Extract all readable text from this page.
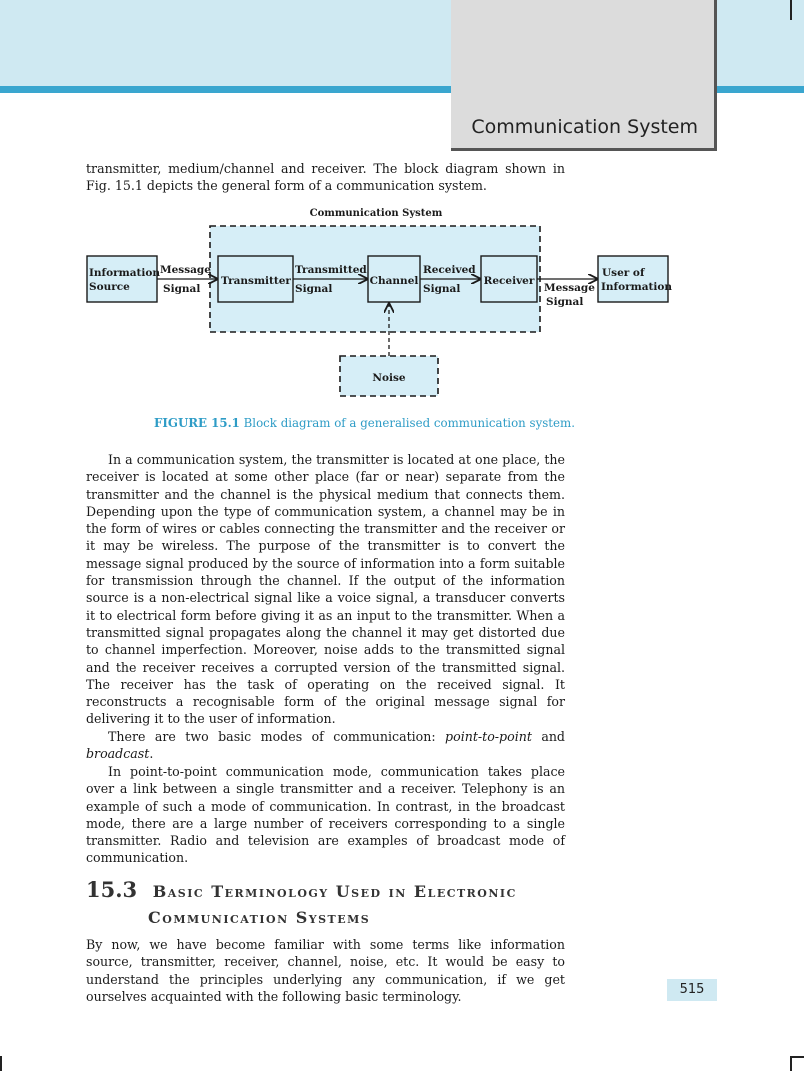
Communication System

transmitter, medium/channel and receiver. The block diagram shown in Fig. 15.1 depicts the general form of a communication system.

Communication System
Information
Source
Message
Signal
Transmitter
Transmitted
Signal
Channel
Received
Signal
Receiver
Message
Signal
User of
Information
Noise
FIGURE 15.1 Block diagram of a generalised communication system.

In a communication system, the transmitter is located at one place, the receiver is located at some other place (far or near) separate from the transmitter and the channel is the physical medium that connects them. Depending upon the type of communication system, a channel may be in the form of wires or cables connecting the transmitter and the receiver or it may be wireless. The purpose of the transmitter is to convert the message signal produced by the source of information into a form suitable for transmission through the channel. If the output of the information source is a non-electrical signal like a voice signal, a transducer converts it to electrical form before giving it as an input to the transmitter. When a transmitted signal propagates along the channel it may get distorted due to channel imperfection. Moreover, noise adds to the transmitted signal and the receiver receives a corrupted version of the transmitted signal. The receiver has the task of operating on the received signal. It reconstructs a recognisable form of the original message signal for delivering it to the user of information.

There are two basic modes of communication: point-to-point and broadcast.

In point-to-point communication mode, communication takes place over a link between a single transmitter and a receiver. Telephony is an example of such a mode of communication. In contrast, in the broadcast mode, there are a large number of receivers corresponding to a single transmitter. Radio and television are examples of broadcast mode of communication.

15.3 Basic Terminology Used in Electronic
Communication Systems

By now, we have become familiar with some terms like information source, transmitter, receiver, channel, noise, etc. It would be easy to understand the principles underlying any communication, if we get ourselves acquainted with the following basic terminology.	515
